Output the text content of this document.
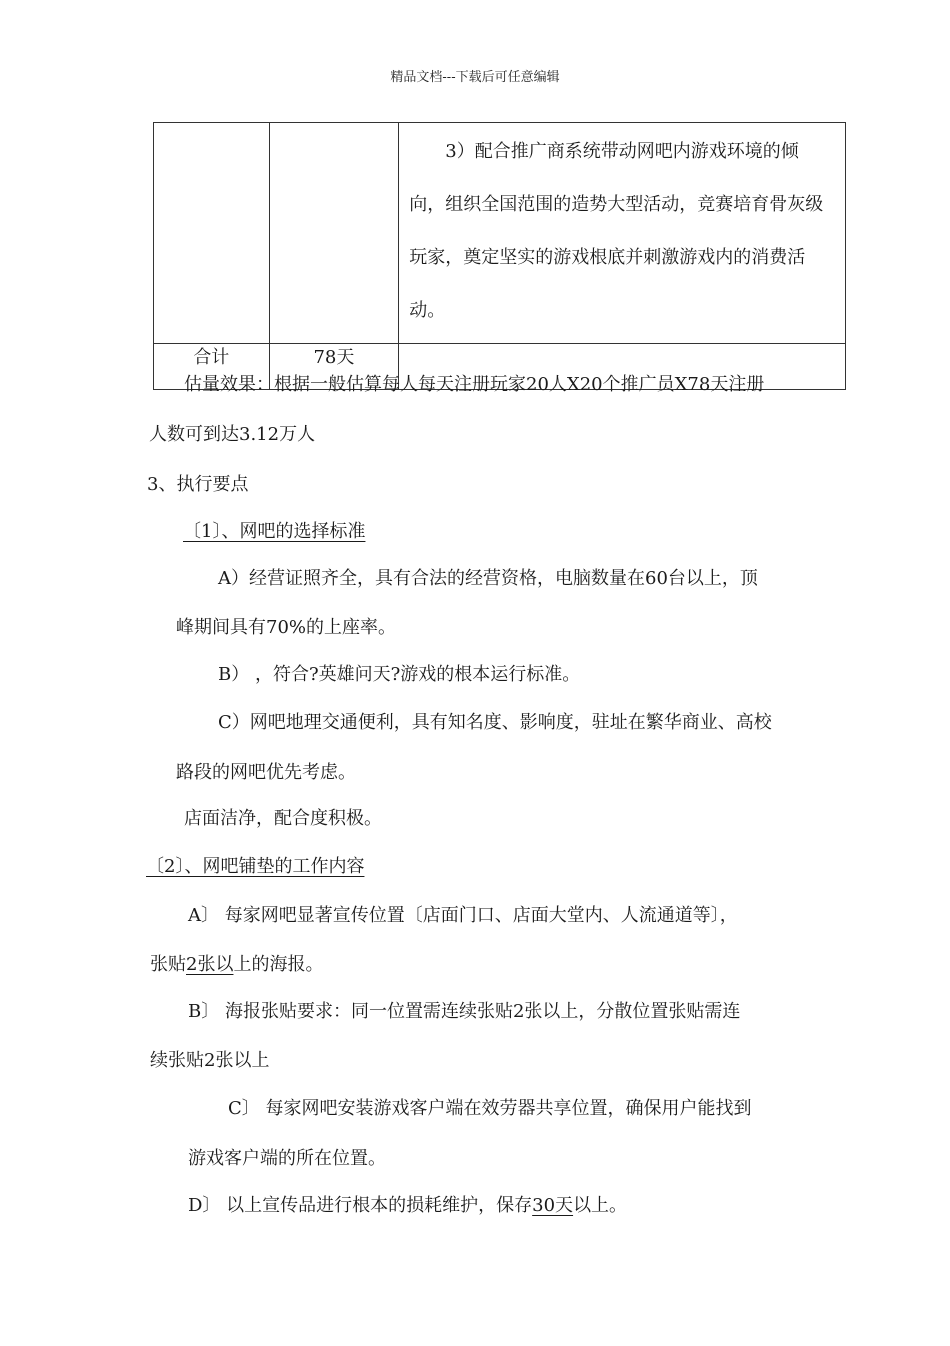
精品文档---下载后可任意编辑

		3）配合推广商系统带动网吧内游戏环境的倾向，组织全国范围的造势大型活动，竞赛培育骨灰级玩家，奠定坚实的游戏根底并刺激游戏内的消费活动。

合计	78天	

估量效果：根据一般估算每人每天注册玩家20人X20个推广员X78天注册
人数可到达3.12万人
3、执行要点
〔1〕、网吧的选择标准
A）经营证照齐全，具有合法的经营资格，电脑数量在60台以上，顶
峰期间具有70%的上座率。
B） ，符合?英雄问天?游戏的根本运行标准。
C）网吧地理交通便利，具有知名度、影响度，驻址在繁华商业、高校
路段的网吧优先考虑。
店面洁净，配合度积极。
〔2〕、网吧铺垫的工作内容
A〕 每家网吧显著宣传位置〔店面门口、店面大堂内、人流通道等〕，
张贴2张以上的海报。
B〕 海报张贴要求：同一位置需连续张贴2张以上，分散位置张贴需连
续张贴2张以上
C〕 每家网吧安装游戏客户端在效劳器共享位置，确保用户能找到
游戏客户端的所在位置。
D〕 以上宣传品进行根本的损耗维护，保存30天以上。
